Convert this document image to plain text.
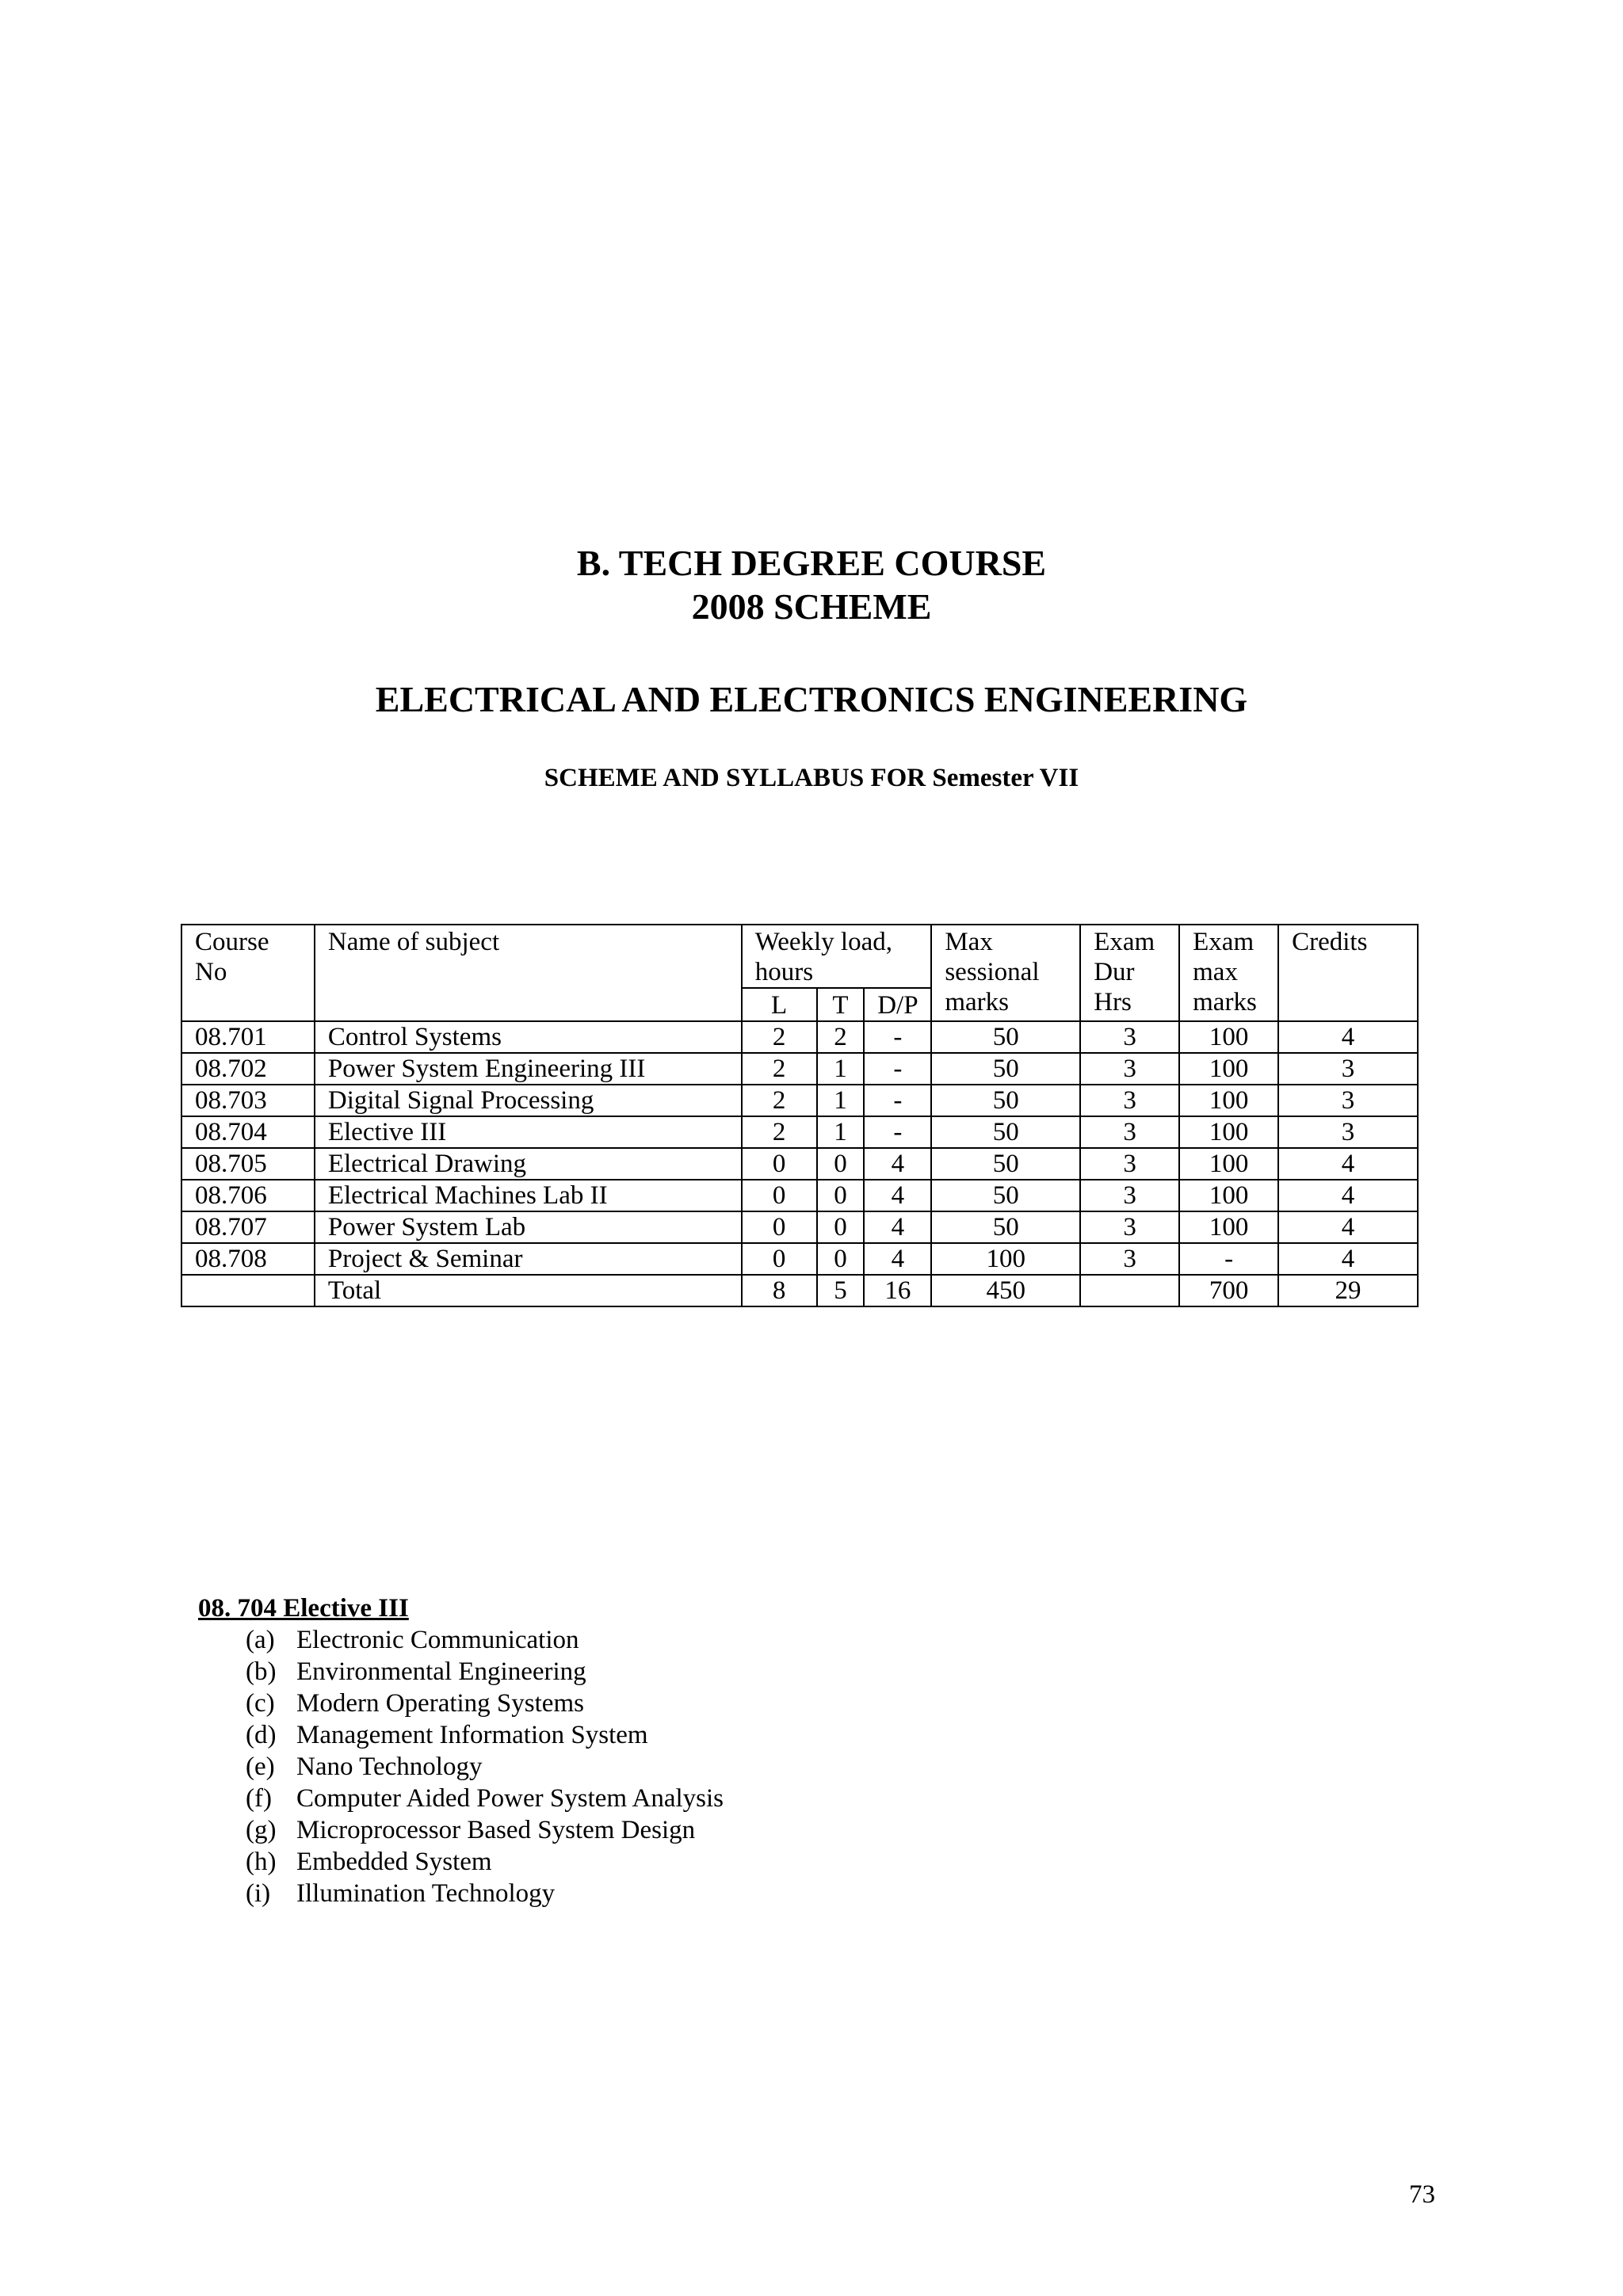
B. TECH DEGREE COURSE
2008 SCHEME
ELECTRICAL AND ELECTRONICS ENGINEERING
SCHEME AND SYLLABUS FOR Semester VII
Course No	Name of subject	Weekly load, hours			Max sessional marks	Exam Dur Hrs	Exam max marks	Credits
		L	T	D/P				
08.701	Control Systems	2	2	-	50	3	100	4
08.702	Power System Engineering III	2	1	-	50	3	100	3
08.703	Digital Signal Processing	2	1	-	50	3	100	3
08.704	Elective III	2	1	-	50	3	100	3
08.705	Electrical Drawing	0	0	4	50	3	100	4
08.706	Electrical Machines Lab II	0	0	4	50	3	100	4
08.707	Power System Lab	0	0	4	50	3	100	4
08.708	Project & Seminar	0	0	4	100	3	-	4
	Total	8	5	16	450		700	29
08. 704 Elective III
(a) Electronic Communication
(b) Environmental Engineering
(c) Modern Operating Systems
(d) Management Information System
(e) Nano Technology
(f) Computer Aided Power System Analysis
(g) Microprocessor Based System Design
(h) Embedded System
(i) Illumination Technology
73
